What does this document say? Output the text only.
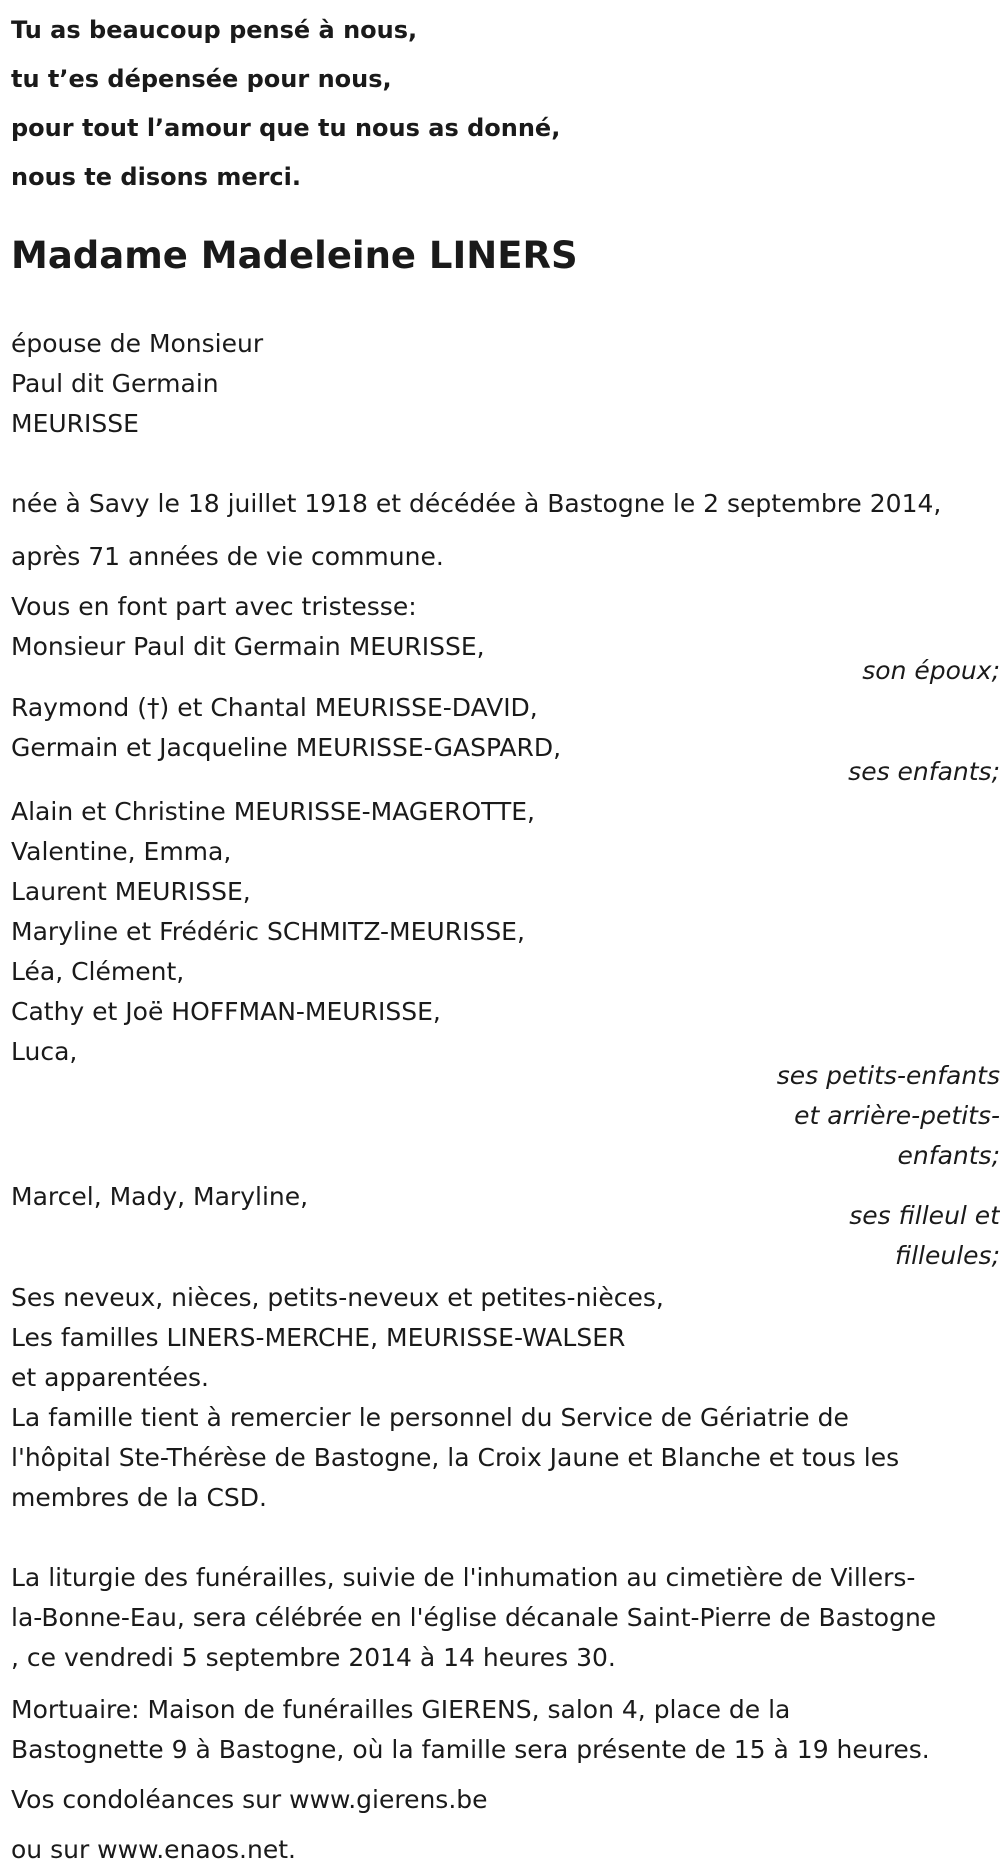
Tu as beaucoup pensé à nous,
tu t’es dépensée pour nous,
pour tout l’amour que tu nous as donné,
nous te disons merci.
Madame Madeleine LINERS
épouse de Monsieur
Paul dit Germain
MEURISSE
née à Savy le 18 juillet 1918 et décédée à Bastogne le 2 septembre 2014,
après 71 années de vie commune.
Vous en font part avec tristesse:
Monsieur Paul dit Germain MEURISSE,
son époux;
Raymond (†) et Chantal MEURISSE-DAVID,
Germain et Jacqueline MEURISSE-GASPARD,
ses enfants;
Alain et Christine MEURISSE-MAGEROTTE,
Valentine, Emma,
Laurent MEURISSE,
Maryline et Frédéric SCHMITZ-MEURISSE,
Léa, Clément,
Cathy et Joë HOFFMAN-MEURISSE,
Luca,
ses petits-enfants
et arrière-petits-
enfants;
Marcel, Mady, Maryline,
ses filleul et
filleules;
Ses neveux, nièces, petits-neveux et petites-nièces,
Les familles LINERS-MERCHE, MEURISSE-WALSER
et apparentées.
La famille tient à remercier le personnel du Service de Gériatrie de
l'hôpital Ste-Thérèse de Bastogne, la Croix Jaune et Blanche et tous les
membres de la CSD.
La liturgie des funérailles, suivie de l'inhumation au cimetière de Villers-
la-Bonne-Eau, sera célébrée en l'église décanale Saint-Pierre de Bastogne
, ce vendredi 5 septembre 2014 à 14 heures 30.
Mortuaire: Maison de funérailles GIERENS, salon 4, place de la
Bastognette 9 à Bastogne, où la famille sera présente de 15 à 19 heures.
Vos condoléances sur www.gierens.be
ou sur www.enaos.net.
